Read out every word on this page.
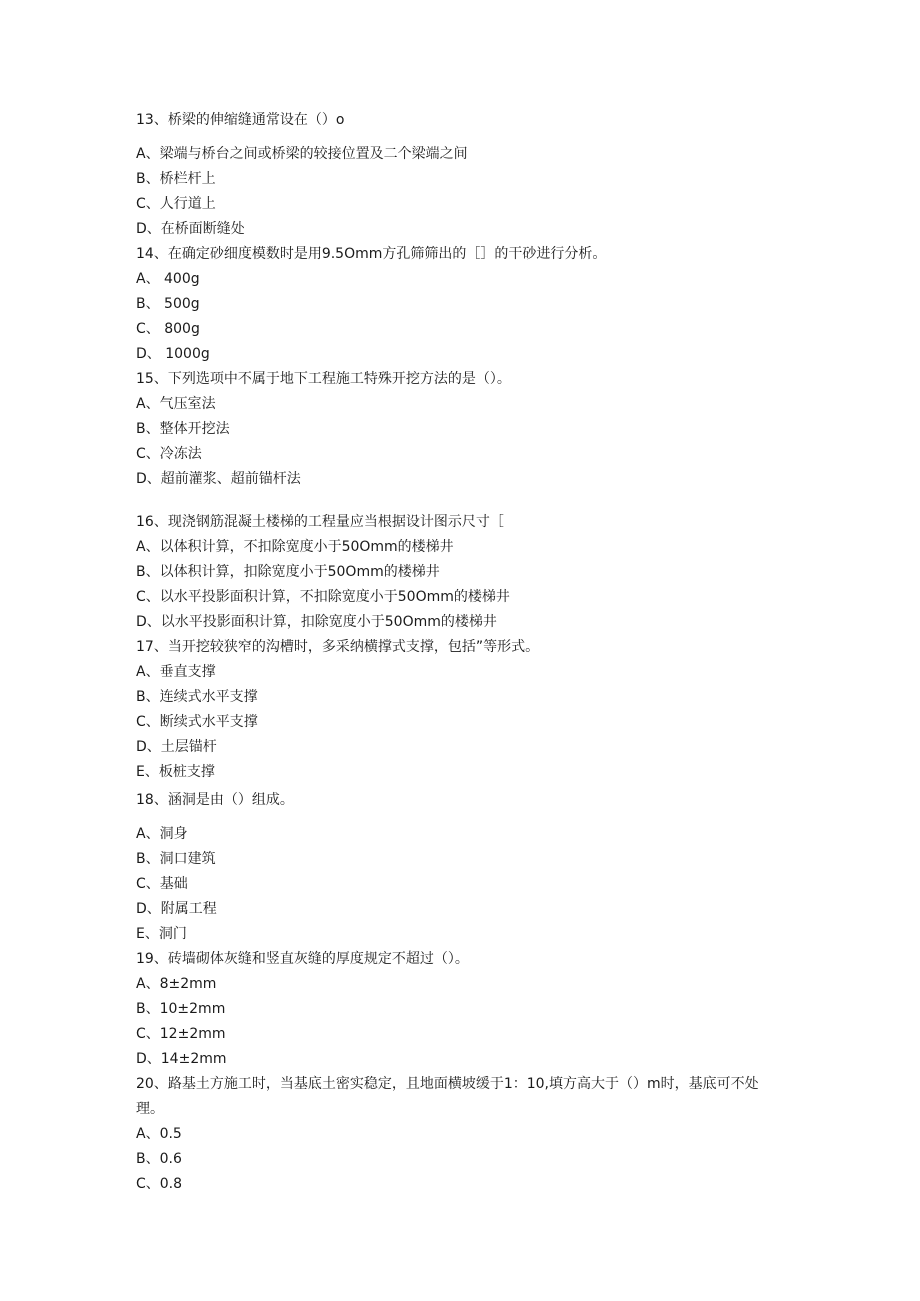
13、桥梁的伸缩缝通常设在（）o
A、梁端与桥台之间或桥梁的较接位置及二个梁端之间
B、桥栏杆上
C、人行道上
D、在桥面断缝处
14、在确定砂细度模数时是用9.5Omm方孔筛筛出的［］的干砂进行分析。
A、 400g
B、 500g
C、 800g
D、 1000g
15、下列选项中不属于地下工程施工特殊开挖方法的是（）。
A、气压室法
B、整体开挖法
C、冷冻法
D、超前灌浆、超前锚杆法
16、现浇钢筋混凝土楼梯的工程量应当根据设计图示尺寸［
A、以体积计算，不扣除宽度小于50Omm的楼梯井
B、以体积计算，扣除宽度小于50Omm的楼梯井
C、以水平投影面积计算，不扣除宽度小于50Omm的楼梯井
D、以水平投影面积计算，扣除宽度小于50Omm的楼梯井
17、当开挖较狭窄的沟槽时，多采纳横撑式支撑，包括”等形式。
A、垂直支撑
B、连续式水平支撑
C、断续式水平支撑
D、土层锚杆
E、板桩支撑
18、涵洞是由（）组成。
A、洞身
B、洞口建筑
C、基础
D、附属工程
E、洞门
19、砖墙砌体灰缝和竖直灰缝的厚度规定不超过（）。
A、8±2mm
B、10±2mm
C、12±2mm
D、14±2mm
20、路基土方施工时，当基底土密实稳定，且地面横坡缓于1：10,填方高大于（）m时，基底可不处理。
A、0.5
B、0.6
C、0.8
